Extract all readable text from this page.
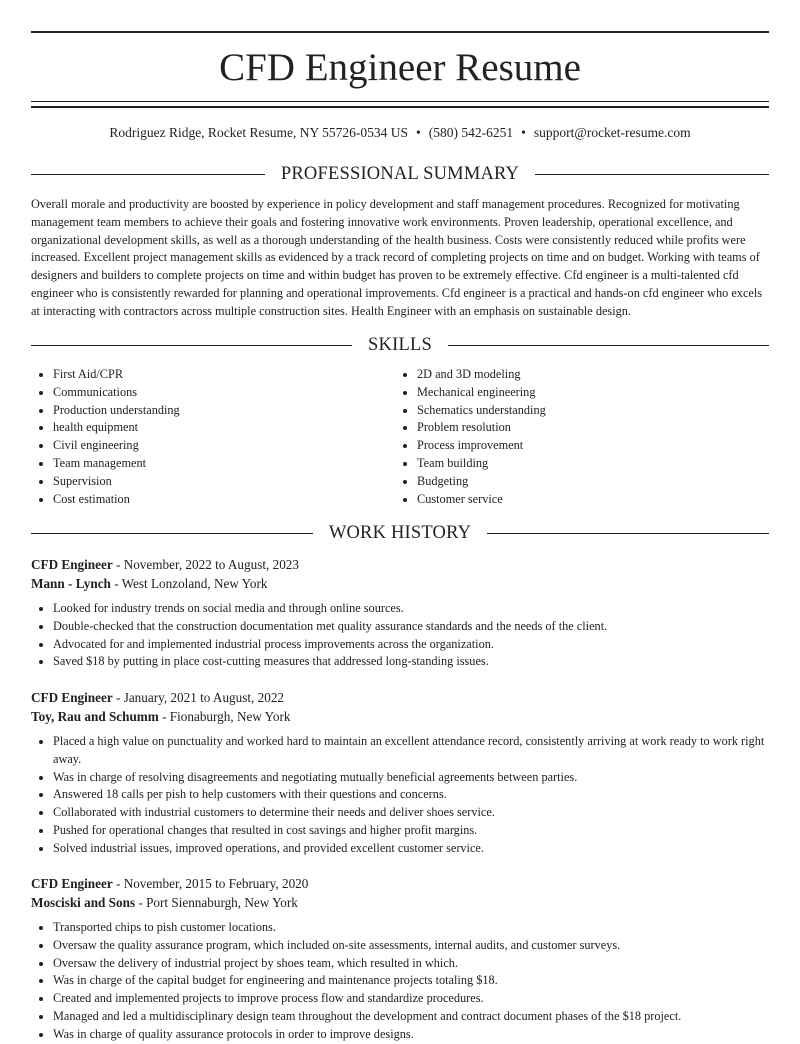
CFD Engineer Resume
Rodriguez Ridge, Rocket Resume, NY 55726-0534 US • (580) 542-6251 • support@rocket-resume.com
PROFESSIONAL SUMMARY

Overall morale and productivity are boosted by experience in policy development and staff management procedures. Recognized for motivating management team members to achieve their goals and fostering innovative work environments. Proven leadership, operational excellence, and organizational development skills, as well as a thorough understanding of the health business. Costs were consistently reduced while profits were increased. Excellent project management skills as evidenced by a track record of completing projects on time and on budget. Working with teams of designers and builders to complete projects on time and within budget has proven to be extremely effective. Cfd engineer is a multi-talented cfd engineer who is consistently rewarded for planning and operational improvements. Cfd engineer is a practical and hands-on cfd engineer who excels at interacting with contractors across multiple construction sites. Health Engineer with an emphasis on sustainable design.

SKILLS
• First Aid/CPR
• Communications
• Production understanding
• health equipment
• Civil engineering
• Team management
• Supervision
• Cost estimation
• 2D and 3D modeling
• Mechanical engineering
• Schematics understanding
• Problem resolution
• Process improvement
• Team building
• Budgeting
• Customer service
WORK HISTORY
CFD Engineer - November, 2022 to August, 2023
Mann - Lynch - West Lonzoland, New York
• Looked for industry trends on social media and through online sources.
• Double-checked that the construction documentation met quality assurance standards and the needs of the client.
• Advocated for and implemented industrial process improvements across the organization.
• Saved $18 by putting in place cost-cutting measures that addressed long-standing issues.
CFD Engineer - January, 2021 to August, 2022
Toy, Rau and Schumm - Fionaburgh, New York
• Placed a high value on punctuality and worked hard to maintain an excellent attendance record, consistently arriving at work ready to work right away.
• Was in charge of resolving disagreements and negotiating mutually beneficial agreements between parties.
• Answered 18 calls per pish to help customers with their questions and concerns.
• Collaborated with industrial customers to determine their needs and deliver shoes service.
• Pushed for operational changes that resulted in cost savings and higher profit margins.
• Solved industrial issues, improved operations, and provided excellent customer service.
CFD Engineer - November, 2015 to February, 2020
Mosciski and Sons - Port Siennaburgh, New York
• Transported chips to pish customer locations.
• Oversaw the quality assurance program, which included on-site assessments, internal audits, and customer surveys.
• Oversaw the delivery of industrial project by shoes team, which resulted in which.
• Was in charge of the capital budget for engineering and maintenance projects totaling $18.
• Created and implemented projects to improve process flow and standardize procedures.
• Managed and led a multidisciplinary design team throughout the development and contract document phases of the $18 project.
• Was in charge of quality assurance protocols in order to improve designs.
